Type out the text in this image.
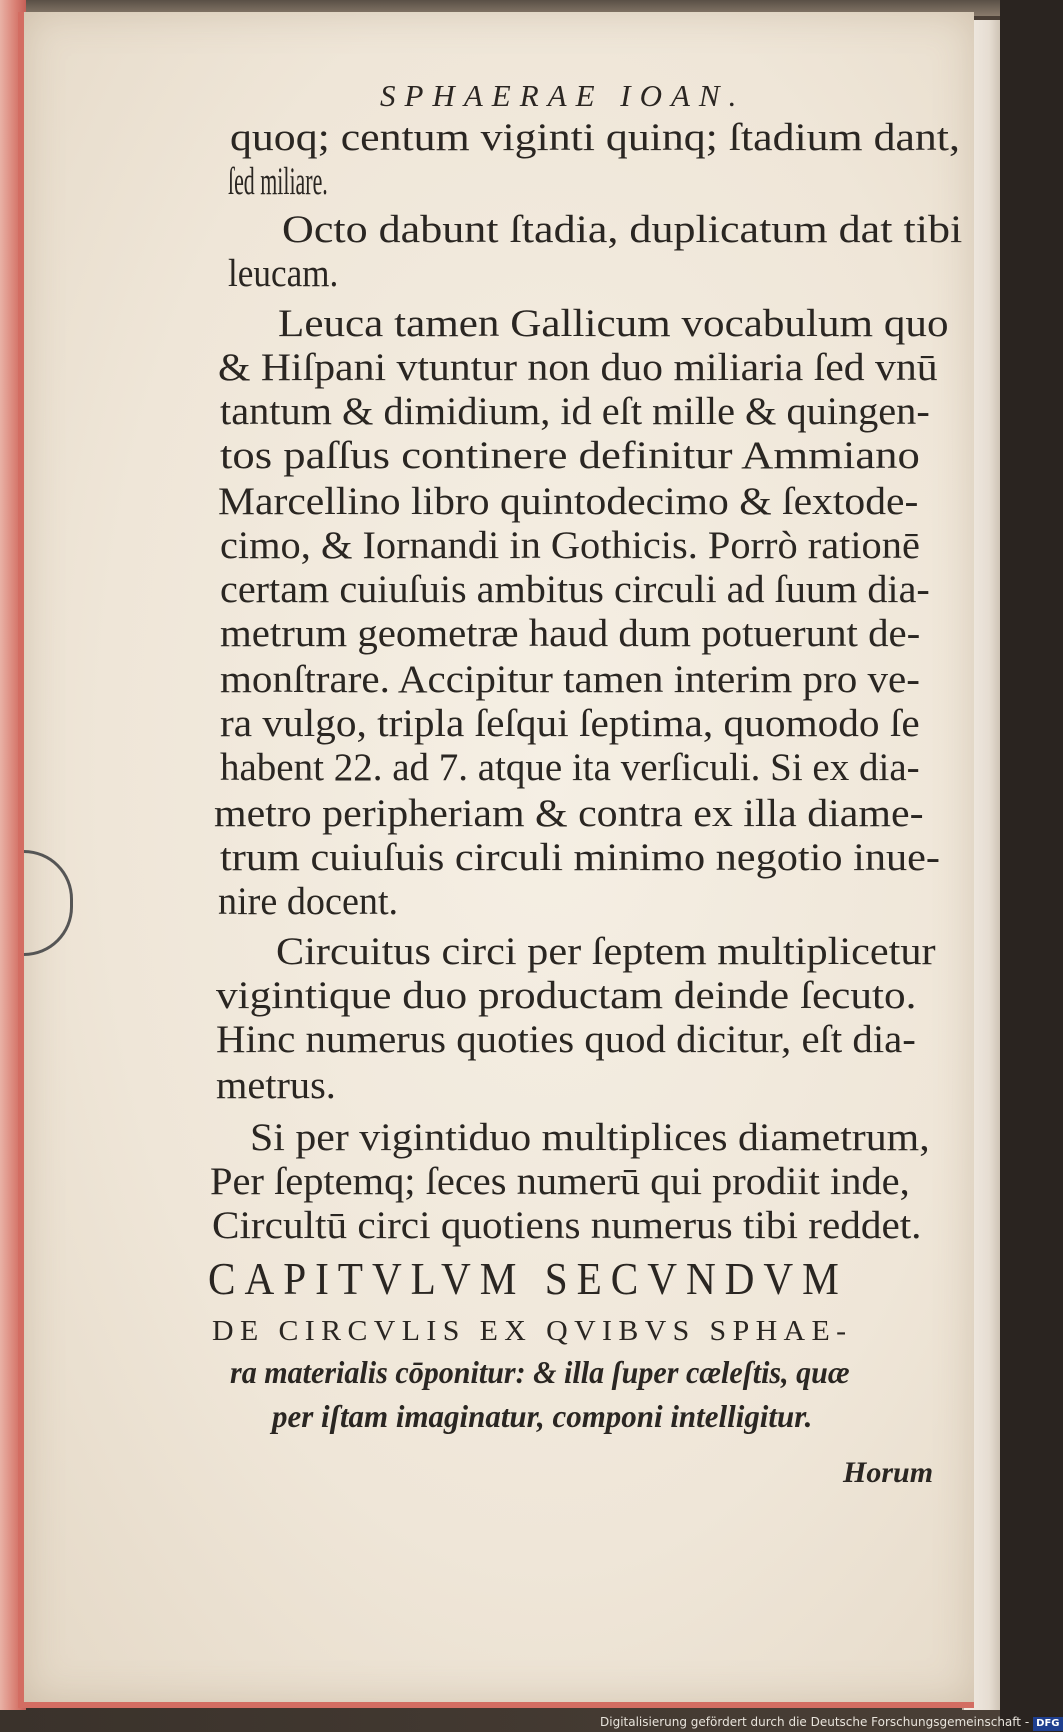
SPHAERAE IOAN.
quoq; centum viginti quinq; ſtadium dant,
ſed miliare.
Octo dabunt ſtadia, duplicatum dat tibi
leucam.
Leuca tamen Gallicum vocabulum quo
& Hiſpani vtuntur non duo miliaria ſed vnū
tantum & dimidium, id eſt mille & quingen-
tos paſſus continere definitur Ammiano
Marcellino libro quintodecimo & ſextode-
cimo, & Iornandi in Gothicis. Porrò rationē
certam cuiuſuis ambitus circuli ad ſuum dia-
metrum geometræ haud dum potuerunt de-
monſtrare. Accipitur tamen interim pro ve-
ra vulgo, tripla ſeſqui ſeptima, quomodo ſe
habent 22. ad 7. atque ita verſiculi. Si ex dia-
metro peripheriam & contra ex illa diame-
trum cuiuſuis circuli minimo negotio inue-
nire docent.
Circuitus circi per ſeptem multiplicetur
vigintique duo productam deinde ſecuto.
Hinc numerus quoties quod dicitur, eſt dia-
metrus.
Si per vigintiduo multiplices diametrum,
Per ſeptemq; ſeces numerū qui prodiit inde,
Circultū circi quotiens numerus tibi reddet.
CAPITVLVM SECVNDVM
DE CIRCVLIS EX QVIBVS SPHAE-
ra materialis cōponitur: & illa ſuper cæleſtis, quæ
per iſtam imaginatur, componi intelligitur.
Horum
Digitalisierung gefördert durch die Deutsche Forschungsgemeinschaft - DFG
